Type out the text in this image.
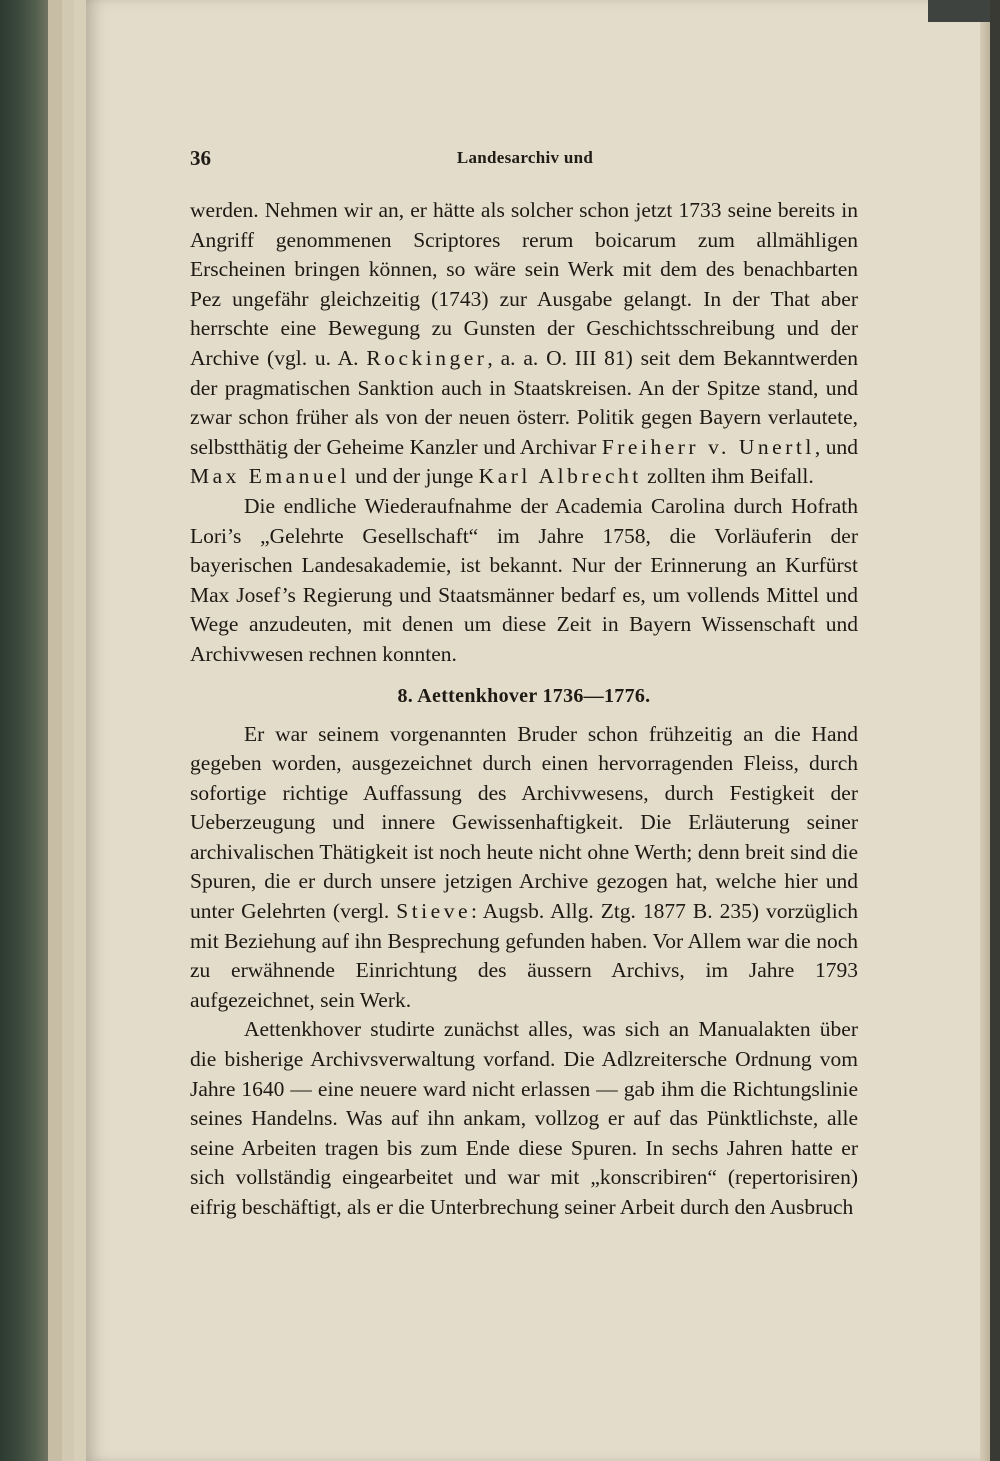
36	Landesarchiv und

werden. Nehmen wir an, er hätte als solcher schon jetzt 1733 seine bereits in Angriff genommenen Scriptores rerum boicarum zum allmähligen Erscheinen bringen können, so wäre sein Werk mit dem des benachbarten Pez ungefähr gleichzeitig (1743) zur Ausgabe gelangt. In der That aber herrschte eine Bewegung zu Gunsten der Geschichtsschreibung und der Archive (vgl. u. A. Rockinger, a. a. O. III 81) seit dem Bekanntwerden der pragmatischen Sanktion auch in Staatskreisen. An der Spitze stand, und zwar schon früher als von der neuen österr. Politik gegen Bayern verlautete, selbstthätig der Geheime Kanzler und Archivar Freiherr v. Unertl, und Max Emanuel und der junge Karl Albrecht zollten ihm Beifall.

Die endliche Wiederaufnahme der Academia Carolina durch Hofrath Lori’s „Gelehrte Gesellschaft“ im Jahre 1758, die Vorläuferin der bayerischen Landesakademie, ist bekannt. Nur der Erinnerung an Kurfürst Max Josef’s Regierung und Staatsmänner bedarf es, um vollends Mittel und Wege anzudeuten, mit denen um diese Zeit in Bayern Wissenschaft und Archivwesen rechnen konnten.

8. Aettenkhover 1736—1776.

Er war seinem vorgenannten Bruder schon frühzeitig an die Hand gegeben worden, ausgezeichnet durch einen hervorragenden Fleiss, durch sofortige richtige Auffassung des Archivwesens, durch Festigkeit der Ueberzeugung und innere Gewissenhaftigkeit. Die Erläuterung seiner archivalischen Thätigkeit ist noch heute nicht ohne Werth; denn breit sind die Spuren, die er durch unsere jetzigen Archive gezogen hat, welche hier und unter Gelehrten (vergl. Stieve: Augsb. Allg. Ztg. 1877 B. 235) vorzüglich mit Beziehung auf ihn Besprechung gefunden haben. Vor Allem war die noch zu erwähnende Einrichtung des äussern Archivs, im Jahre 1793 aufgezeichnet, sein Werk.

Aettenkhover studirte zunächst alles, was sich an Manualakten über die bisherige Archivsverwaltung vorfand. Die Adlzreitersche Ordnung vom Jahre 1640 — eine neuere ward nicht erlassen — gab ihm die Richtungslinie seines Handelns. Was auf ihn ankam, vollzog er auf das Pünktlichste, alle seine Arbeiten tragen bis zum Ende diese Spuren. In sechs Jahren hatte er sich vollständig eingearbeitet und war mit „konscribiren“ (repertorisiren) eifrig beschäftigt, als er die Unterbrechung seiner Arbeit durch den Ausbruch
